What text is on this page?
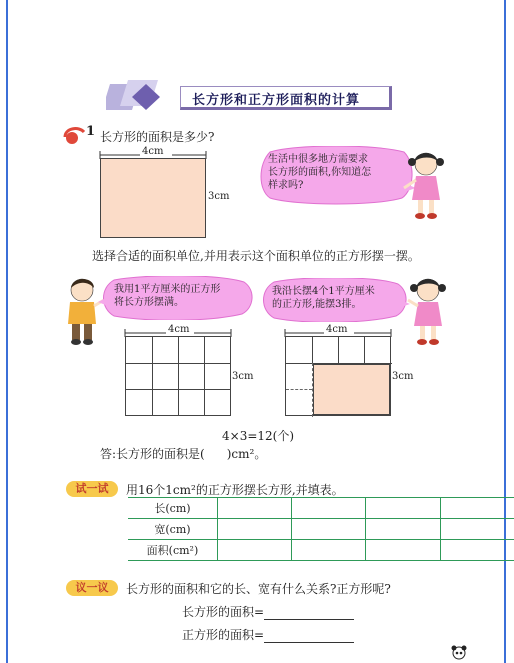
长方形和正方形面积的计算
1 长方形的面积是多少?
4cm
3cm
生活中很多地方需要求
长方形的面积,你知道怎
样求吗?
选择合适的面积单位,并用表示这个面积单位的正方形摆一摆。
我用1平方厘米的正方形
将长方形摆满。
我沿长摆4个1平方厘米
的正方形,能摆3排。
4cm
3cm
4cm
3cm
4×3=12(个)
答:长方形的面积是( )cm²。
试一试	用16个1cm²的正方形摆长方形,并填表。
长(cm)				
宽(cm)				
面积(cm²)				
议一议	长方形的面积和它的长、宽有什么关系?正方形呢?
长方形的面积=
正方形的面积=
